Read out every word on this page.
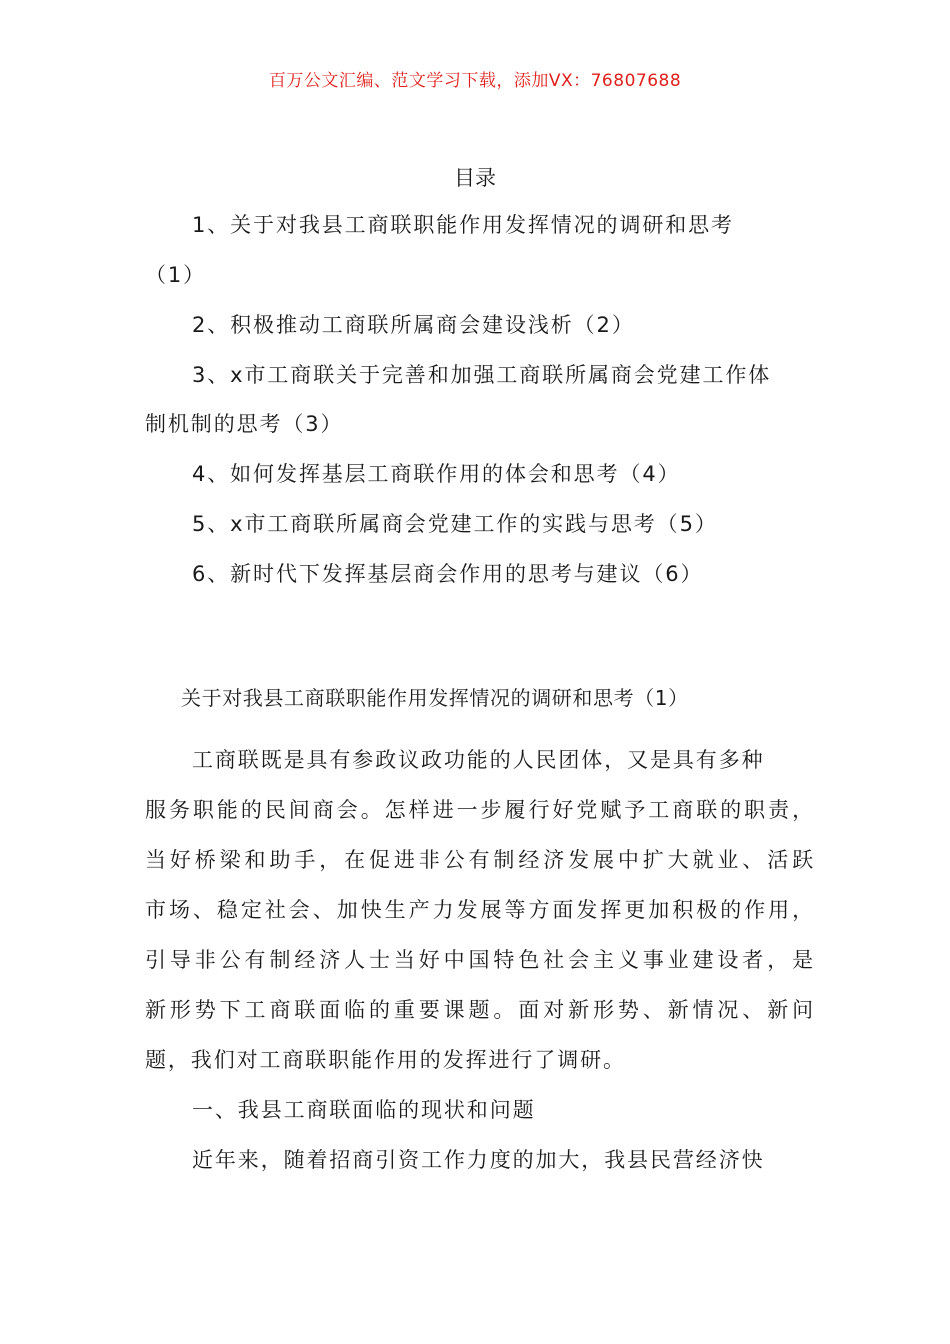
百万公文汇编、范文学习下载，添加VX：76807688
目录
1、关于对我县工商联职能作用发挥情况的调研和思考
（1）
2、积极推动工商联所属商会建设浅析（2）
3、x市工商联关于完善和加强工商联所属商会党建工作体
制机制的思考（3）
4、如何发挥基层工商联作用的体会和思考（4）
5、x市工商联所属商会党建工作的实践与思考（5）
6、新时代下发挥基层商会作用的思考与建议（6）
关于对我县工商联职能作用发挥情况的调研和思考（1）
工商联既是具有参政议政功能的人民团体，又是具有多种
服务职能的民间商会。怎样进一步履行好党赋予工商联的职责，
当好桥梁和助手，在促进非公有制经济发展中扩大就业、活跃
市场、稳定社会、加快生产力发展等方面发挥更加积极的作用，
引导非公有制经济人士当好中国特色社会主义事业建设者，是
新形势下工商联面临的重要课题。面对新形势、新情况、新问
题，我们对工商联职能作用的发挥进行了调研。
一、我县工商联面临的现状和问题
近年来，随着招商引资工作力度的加大，我县民营经济快
